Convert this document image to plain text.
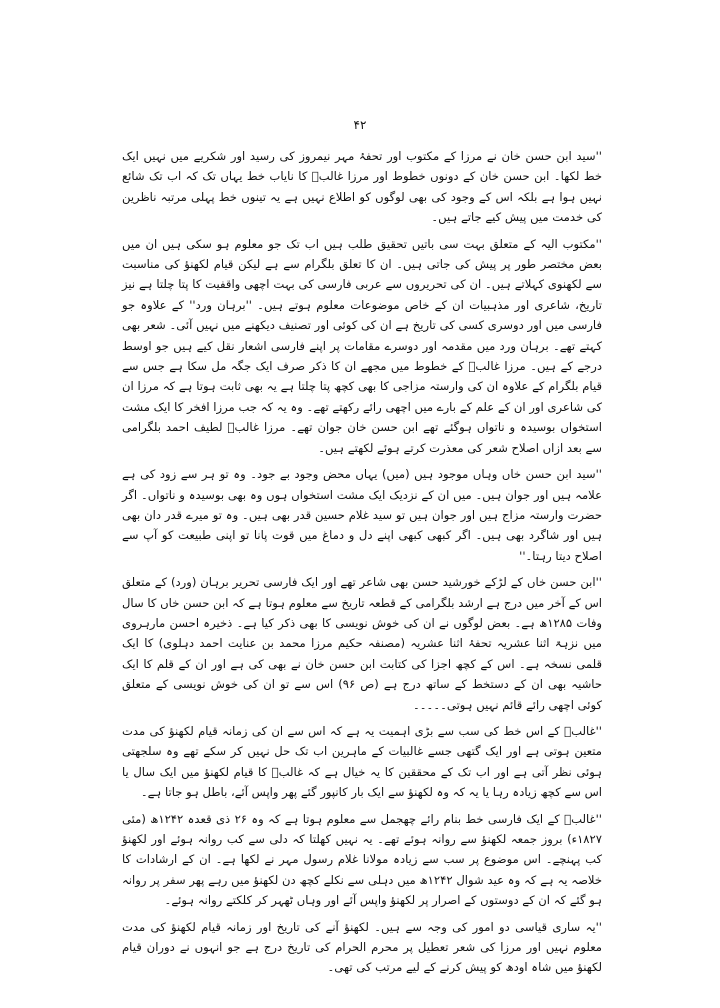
۴۲

''سید ابن حسن خان نے مرزا کے مکتوب اور تحفۂ مہر نیمروز کی رسید اور شکریے میں نہیں ایک خط لکھا۔ ابن حسن خان کے دونوں خطوط اور مرزا غالبؔ کا نایاب خط یہاں تک کہ اب تک شائع نہیں ہوا ہے بلکہ اس کے وجود کی بھی لوگوں کو اطلاع نہیں ہے یہ تینوں خط پہلی مرتبہ ناظرین کی خدمت میں پیش کیے جاتے ہیں۔

''مکتوب الیہ کے متعلق بہت سی باتیں تحقیق طلب ہیں اب تک جو معلوم ہو سکی ہیں ان میں بعض مختصر طور پر پیش کی جاتی ہیں۔ ان کا تعلق بلگرام سے ہے لیکن قیام لکھنؤ کی مناسبت سے لکھنوی کہلاتے ہیں۔ ان کی تحریروں سے عربی فارسی کی بہت اچھی واقفیت کا پتا چلتا ہے نیز تاریخ، شاعری اور مذہبیات ان کے خاص موضوعات معلوم ہوتے ہیں۔ ''برہان ورد'' کے علاوہ جو فارسی میں اور دوسری کسی کی تاریخ ہے ان کی کوئی اور تصنیف دیکھنے میں نہیں آئی۔ شعر بھی کہتے تھے۔ برہان ورد میں مقدمہ اور دوسرے مقامات پر اپنے فارسی اشعار نقل کیے ہیں جو اوسط درجے کے ہیں۔ مرزا غالبؔ کے خطوط میں مجھے ان کا ذکر صرف ایک جگہ مل سکا ہے جس سے قیام بلگرام کے علاوہ ان کی وارستہ مزاجی کا بھی کچھ پتا چلتا ہے یہ بھی ثابت ہوتا ہے کہ مرزا ان کی شاعری اور ان کے علم کے بارے میں اچھی رائے رکھتے تھے۔ وہ یہ کہ جب مرزا افخر کا ایک مشت استخواں بوسیدہ و ناتواں ہوگئے تھے ابن حسن خان جوان تھے۔ مرزا غالبؔ لطیف احمد بلگرامی سے بعد ازاں اصلاح شعر کی معذرت کرتے ہوئے لکھتے ہیں۔

''سید ابن حسن خاں وہاں موجود ہیں (میں) یہاں محض وجود بے جود۔ وہ تو ہر سے زود کی ہے علامہ ہیں اور جوان ہیں۔ میں ان کے نزدیک ایک مشت استخواں ہوں وہ بھی بوسیدہ و ناتواں۔ اگر حضرت وارستہ مزاج ہیں اور جوان ہیں تو سید غلام حسین قدر بھی ہیں۔ وہ تو میرے قدر دان بھی ہیں اور شاگرد بھی ہیں۔ اگر کبھی کبھی اپنے دل و دماغ میں قوت پانا تو اپنی طبیعت کو آپ سے اصلاح دیتا رہتا۔''

''ابن حسن خاں کے لڑکے خورشید حسن بھی شاعر تھے اور ایک فارسی تحریر برہان (ورد) کے متعلق اس کے آخر میں درج ہے ارشد بلگرامی کے قطعہ تاریخ سے معلوم ہوتا ہے کہ ابن حسن خاں کا سال وفات ۱۲۸۵ھ ہے۔ بعض لوگوں نے ان کی خوش نویسی کا بھی ذکر کیا ہے۔ ذخیرہ احسن مارہروی میں نزہۃ اثنا عشریہ تحفۂ اثنا عشریہ (مصنفہ حکیم مرزا محمد بن عنایت احمد دہلوی) کا ایک قلمی نسخہ ہے۔ اس کے کچھ اجزا کی کتابت ابن حسن خان نے بھی کی ہے اور ان کے قلم کا ایک حاشیہ بھی ان کے دستخط کے ساتھ درج ہے (ص ۹۶) اس سے تو ان کی خوش نویسی کے متعلق کوئی اچھی رائے قائم نہیں ہوتی۔۔۔۔۔

''غالبؔ کے اس خط کی سب سے بڑی اہمیت یہ ہے کہ اس سے ان کی زمانہ قیام لکھنؤ کی مدت متعین ہوتی ہے اور ایک گتھی جسے غالبیات کے ماہرین اب تک حل نہیں کر سکے تھے وہ سلجھتی ہوئی نظر آتی ہے اور اب تک کے محققین کا یہ خیال ہے کہ غالبؔ کا قیام لکھنؤ میں ایک سال یا اس سے کچھ زیادہ رہا یا یہ کہ وہ لکھنؤ سے ایک بار کانپور گئے پھر واپس آئے، باطل ہو جاتا ہے۔

''غالبؔ کے ایک فارسی خط بنام رائے چھجمل سے معلوم ہوتا ہے کہ وہ ۲۶ ذی قعدہ ۱۲۴۲ھ (مئی ۱۸۲۷ء) بروز جمعہ لکھنؤ سے روانہ ہوئے تھے۔ یہ نہیں کھلتا کہ دلی سے کب روانہ ہوئے اور لکھنؤ کب پہنچے۔ اس موضوع پر سب سے زیادہ مولانا غلام رسول مہر نے لکھا ہے۔ ان کے ارشادات کا خلاصہ یہ ہے کہ وہ عید شوال ۱۲۴۲ھ میں دہلی سے نکلے کچھ دن لکھنؤ میں رہے پھر سفر پر روانہ ہو گئے کہ ان کے دوستوں کے اصرار پر لکھنؤ واپس آئے اور وہاں ٹھہر کر کلکتے روانہ ہوئے۔

''یہ ساری قیاسی دو امور کی وجہ سے ہیں۔ لکھنؤ آنے کی تاریخ اور زمانہ قیام لکھنؤ کی مدت معلوم نہیں اور مرزا کی شعر تعطیل پر محرم الحرام کی تاریخ درج ہے جو انہوں نے دوران قیام لکھنؤ میں شاہ اودھ کو پیش کرنے کے لیے مرتب کی تھی۔
